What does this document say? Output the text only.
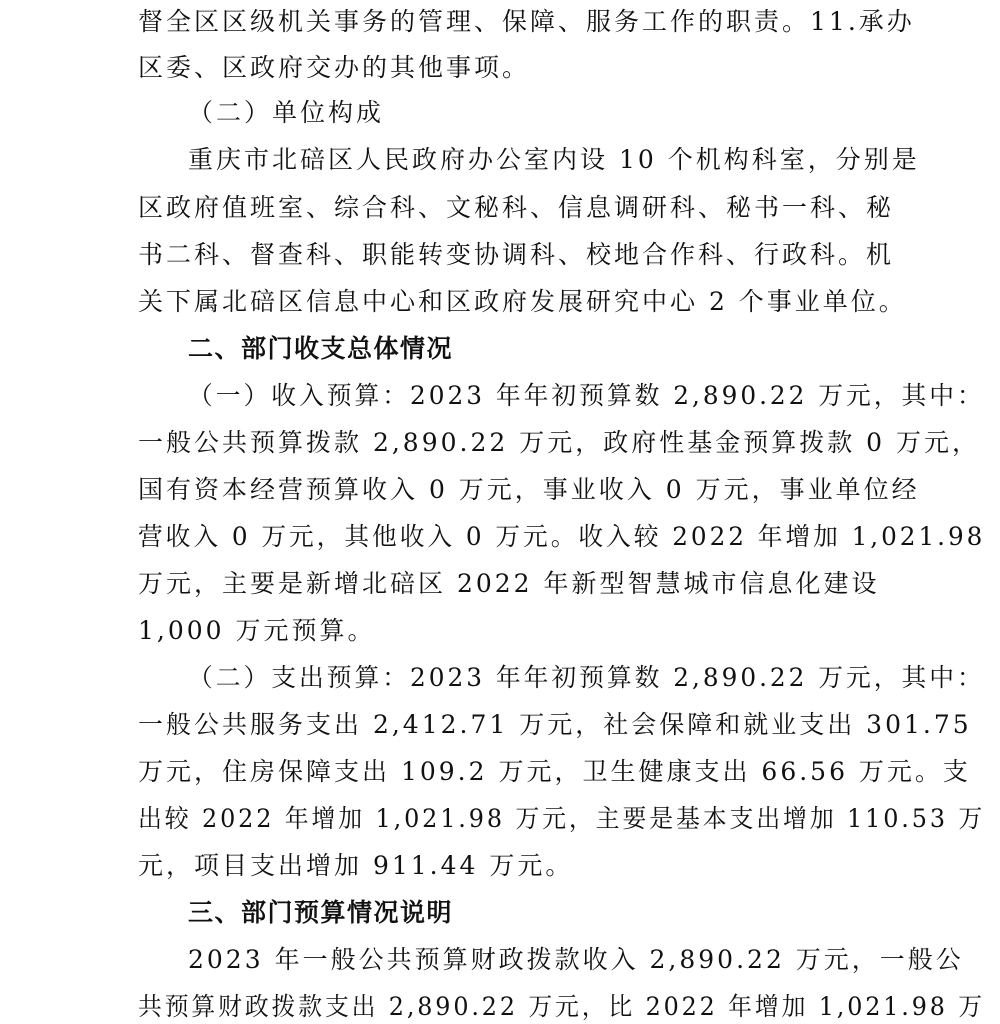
督全区区级机关事务的管理、保障、服务工作的职责。11.承办
区委、区政府交办的其他事项。
（二）单位构成
重庆市北碚区人民政府办公室内设 10 个机构科室，分别是
区政府值班室、综合科、文秘科、信息调研科、秘书一科、秘
书二科、督查科、职能转变协调科、校地合作科、行政科。机
关下属北碚区信息中心和区政府发展研究中心 2 个事业单位。
二、部门收支总体情况
（一）收入预算：2023 年年初预算数 2,890.22 万元，其中：
一般公共预算拨款 2,890.22 万元，政府性基金预算拨款 0 万元，
国有资本经营预算收入 0 万元，事业收入 0 万元，事业单位经
营收入 0 万元，其他收入 0 万元。收入较 2022 年增加 1,021.98
万元，主要是新增北碚区 2022 年新型智慧城市信息化建设
1,000 万元预算。
（二）支出预算：2023 年年初预算数 2,890.22 万元，其中：
一般公共服务支出 2,412.71 万元，社会保障和就业支出 301.75
万元，住房保障支出 109.2 万元，卫生健康支出 66.56 万元。支
出较 2022 年增加 1,021.98 万元，主要是基本支出增加 110.53 万
元，项目支出增加 911.44 万元。
三、部门预算情况说明
2023 年一般公共预算财政拨款收入 2,890.22 万元，一般公
共预算财政拨款支出 2,890.22 万元，比 2022 年增加 1,021.98 万
